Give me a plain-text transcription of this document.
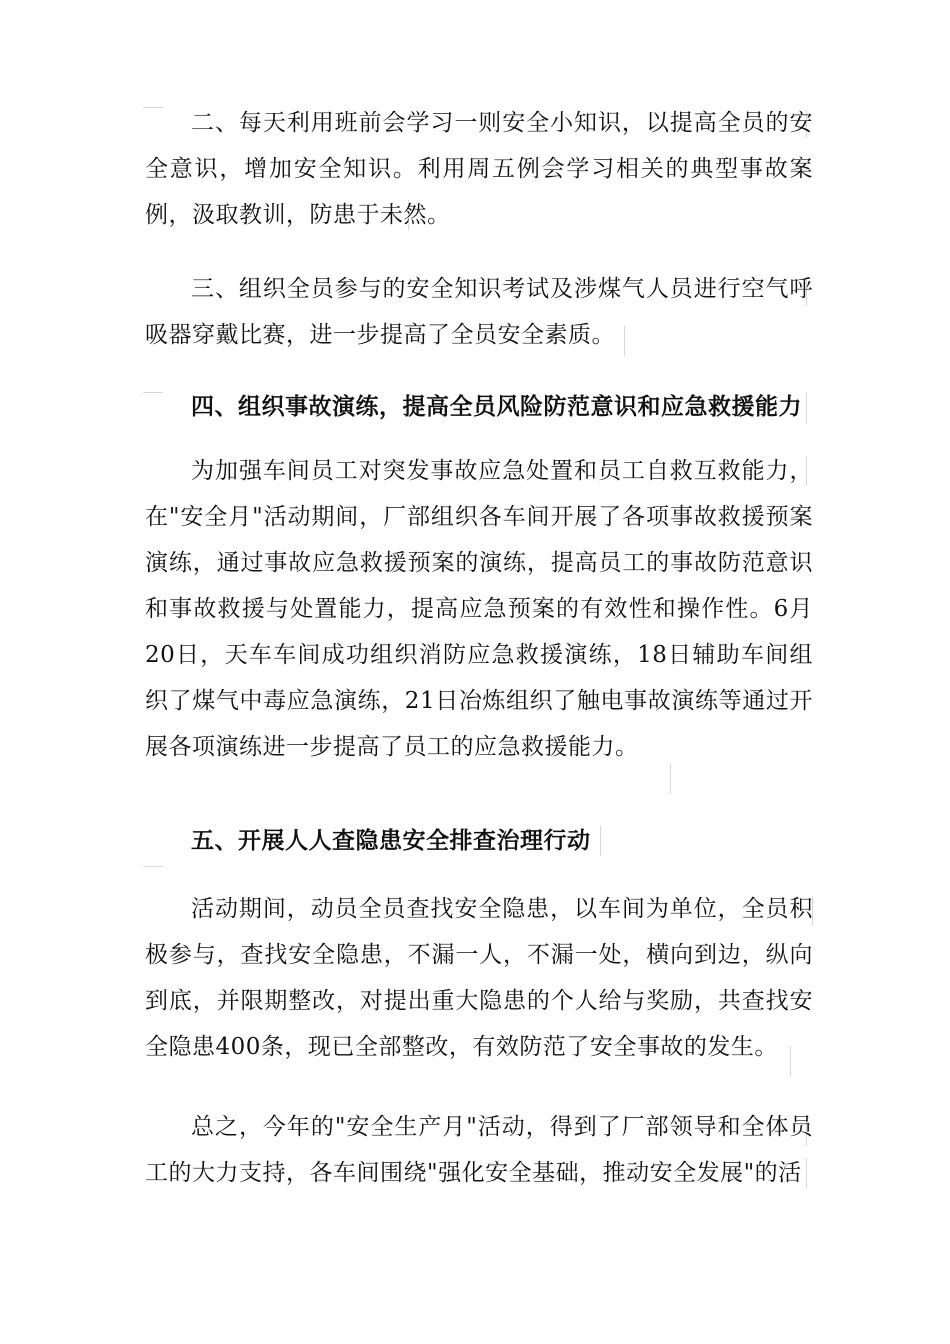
二、每天利用班前会学习一则安全小知识，以提高全员的安全意识，增加安全知识。利用周五例会学习相关的典型事故案例，汲取教训，防患于未然。

三、组织全员参与的安全知识考试及涉煤气人员进行空气呼吸器穿戴比赛，进一步提高了全员安全素质。

四、组织事故演练，提高全员风险防范意识和应急救援能力

为加强车间员工对突发事故应急处置和员工自救互救能力，在"安全月"活动期间，厂部组织各车间开展了各项事故救援预案演练，通过事故应急救援预案的演练，提高员工的事故防范意识和事故救援与处置能力，提高应急预案的有效性和操作性。6月20日，天车车间成功组织消防应急救援演练，18日辅助车间组织了煤气中毒应急演练，21日冶炼组织了触电事故演练等通过开展各项演练进一步提高了员工的应急救援能力。

五、开展人人查隐患安全排查治理行动

活动期间，动员全员查找安全隐患，以车间为单位，全员积极参与，查找安全隐患，不漏一人，不漏一处，横向到边，纵向到底，并限期整改，对提出重大隐患的个人给与奖励，共查找安全隐患400条，现已全部整改，有效防范了安全事故的发生。

总之，今年的"安全生产月"活动，得到了厂部领导和全体员工的大力支持，各车间围绕"强化安全基础，推动安全发展"的活
